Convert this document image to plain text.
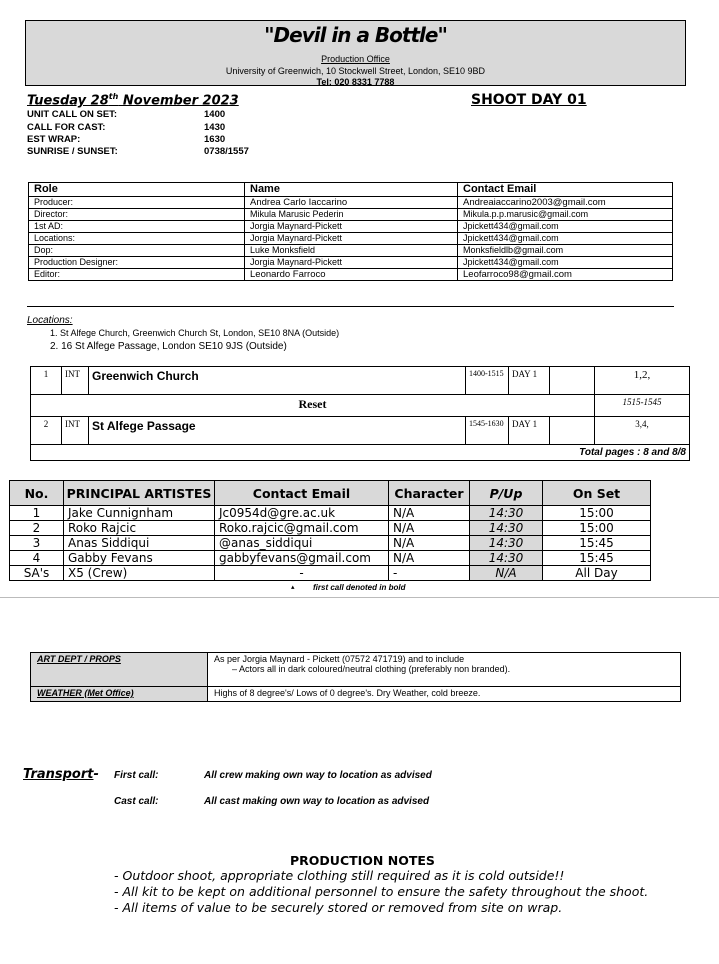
"Devil in a Bottle"
Production Office
University of Greenwich, 10 Stockwell Street, London, SE10 9BD
Tel: 020 8331 7788
Tuesday 28th November 2023	SHOOT DAY 01
UNIT CALL ON SET:	1400
CALL FOR CAST:	1430
EST WRAP:	1630
SUNRISE / SUNSET:	0738/1557
Role	Name	Contact Email
Producer:	Andrea Carlo Iaccarino	Andreaiaccarino2003@gmail.com
Director:	Mikula Marusic Pederin	Mikula.p.p.marusic@gmail.com
1st AD:	Jorgia Maynard-Pickett	Jpickett434@gmail.com
Locations:	Jorgia Maynard-Pickett	Jpickett434@gmail.com
Dop:	Luke Monksfield	Monksfieldlb@gmail.com
Production Designer:	Jorgia Maynard-Pickett	Jpickett434@gmail.com
Editor:	Leonardo Farroco	Leofarroco98@gmail.com
Locations:
1. St Alfege Church, Greenwich Church St, London, SE10 8NA (Outside)
2. 16 St Alfege Passage, London SE10 9JS (Outside)
1	INT	Greenwich Church	1400-1515	DAY 1		1,2,
Reset						1515-1545
2	INT	St Alfege Passage	1545-1630	DAY 1		3,4,
Total pages : 8 and 8/8						
No.	PRINCIPAL ARTISTES	Contact Email	Character	P/Up	On Set
1	Jake Cunnignham	Jc0954d@gre.ac.uk	N/A	14:30	15:00
2	Roko Rajcic	Roko.rajcic@gmail.com	N/A	14:30	15:00
3	Anas Siddiqui	@anas_siddiqui	N/A	14:30	15:45
4	Gabby Fevans	gabbyfevans@gmail.com	N/A	14:30	15:45
SA's	X5 (Crew)	-	-	N/A	All Day
▴ first call denoted in bold
ART DEPT / PROPS	As per Jorgia Maynard - Pickett (07572 471719) and to include
– Actors all in dark coloured/neutral clothing (preferably non branded).

WEATHER (Met Office)	Highs of 8 degree's/ Lows of 0 degree's. Dry Weather, cold breeze.
Transport- First call:	All crew making own way to location as advised
Cast call:	All cast making own way to location as advised
PRODUCTION NOTES
- Outdoor shoot, appropriate clothing still required as it is cold outside!!
- All kit to be kept on additional personnel to ensure the safety throughout the shoot.
- All items of value to be securely stored or removed from site on wrap.
